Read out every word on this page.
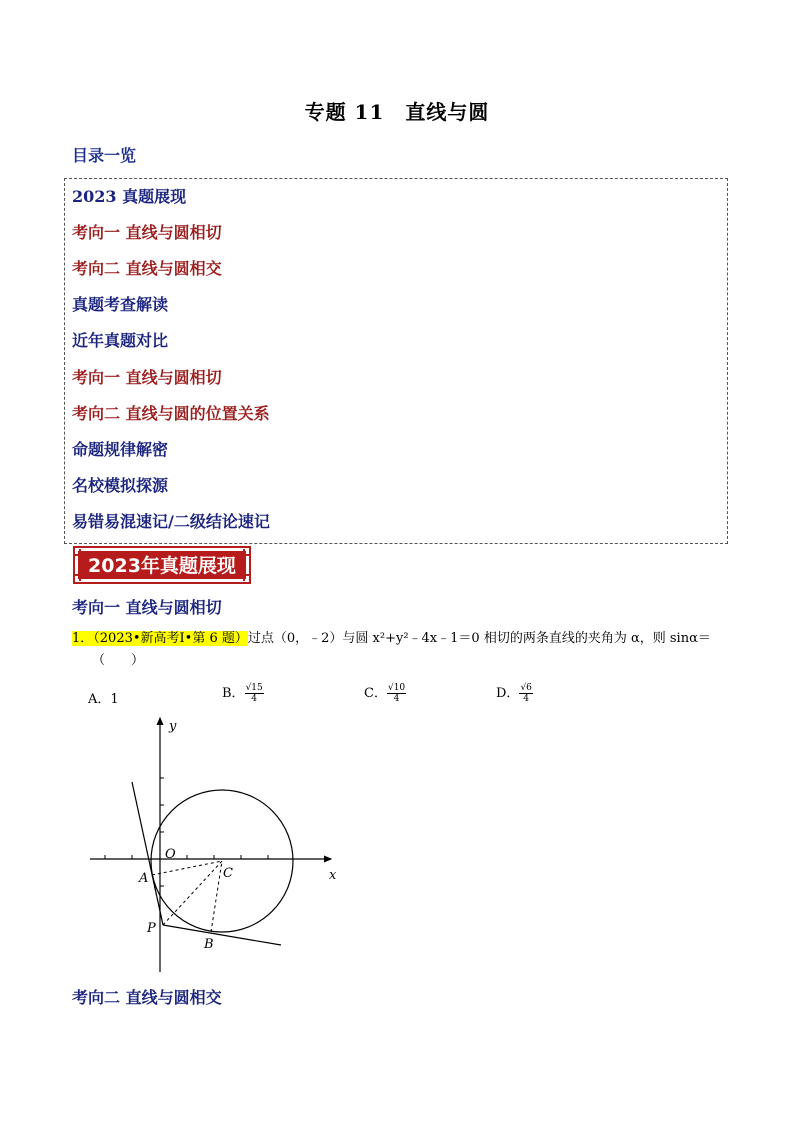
专题 11　直线与圆
目录一览
2023 真题展现
考向一 直线与圆相切
考向二 直线与圆相交
真题考查解读
近年真题对比
考向一 直线与圆相切
考向二 直线与圆的位置关系
命题规律解密
名校模拟探源
易错易混速记/二级结论速记
2023年真题展现
考向一 直线与圆相切
1．（2023•新高考Ⅰ•第 6 题）过点（0，﹣2）与圆 x²+y²﹣4x﹣1＝0 相切的两条直线的夹角为 α，则 sinα＝
（　　）
A．1	B． $\frac{√15}{4}$	C． $\frac{√10}{4}$	D． $\frac{√6}{4}$
y
x
O
A	C
P
B
考向二 直线与圆相交
